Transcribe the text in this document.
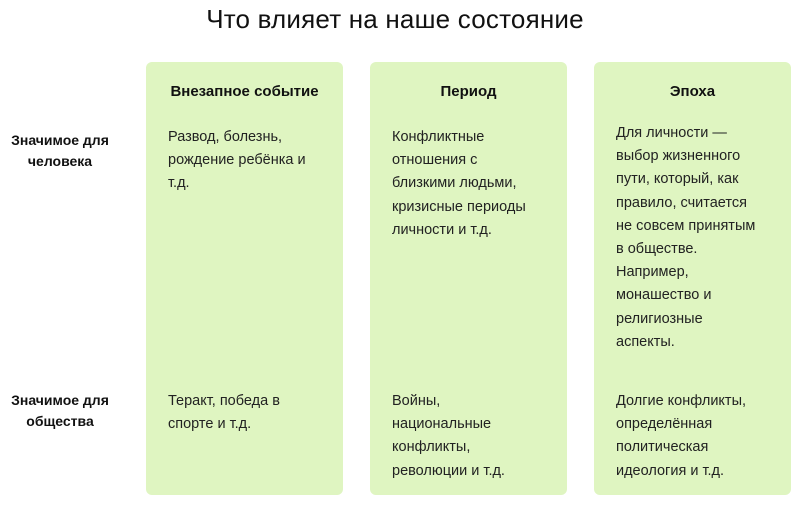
Что влияет на наше состояние
Значимое для
человека
Значимое для
общества
Внезапное событие
Развод, болезнь,
рождение ребёнка и
т.д.
Теракт, победа в
спорте и т.д.
Период
Конфликтные
отношения с
близкими людьми,
кризисные периоды
личности и т.д.
Войны,
национальные
конфликты,
революции и т.д.
Эпоха
Для личности —
выбор жизненного
пути, который, как
правило, считается
не совсем принятым
в обществе.
Например,
монашество и
религиозные
аспекты.
Долгие конфликты,
определённая
политическая
идеология и т.д.
